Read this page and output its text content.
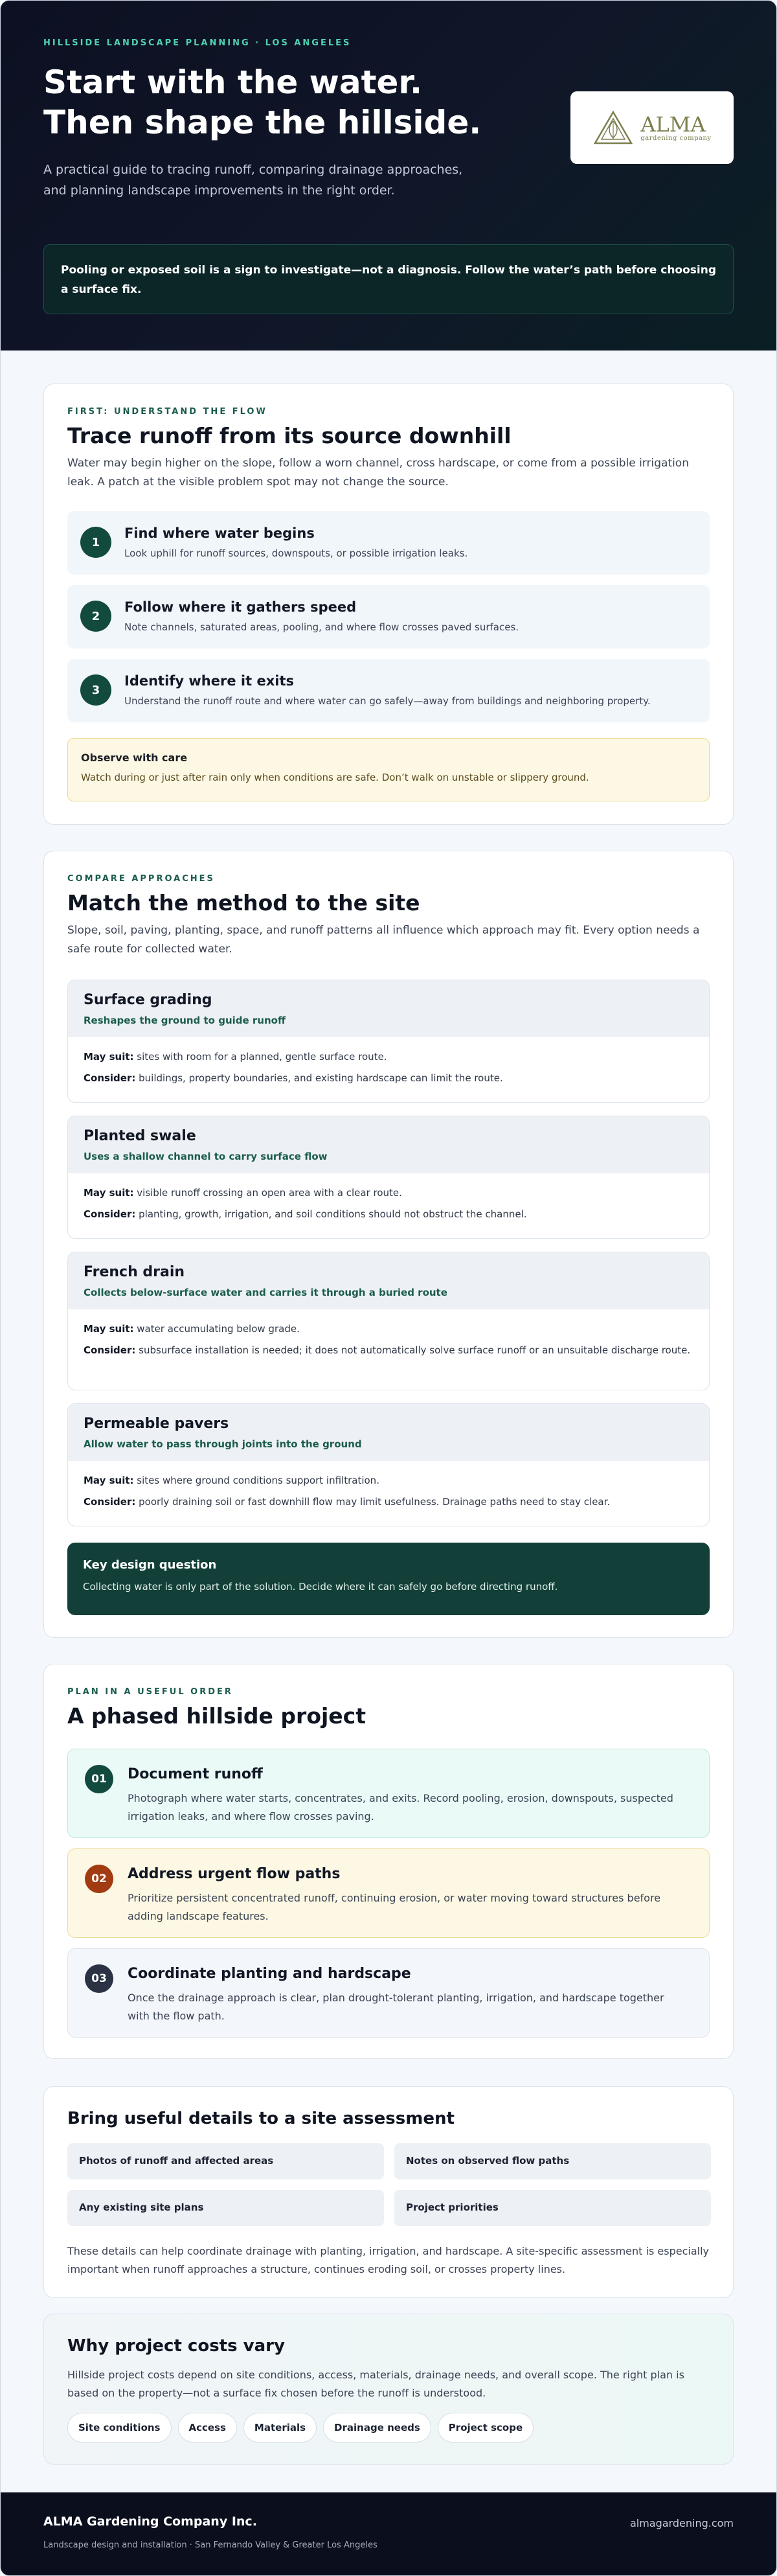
HILLSIDE LANDSCAPE PLANNING · LOS ANGELES
Start with the water.
Then shape the hillside.

A practical guide to tracing runoff, comparing drainage approaches, and planning landscape improvements in the right order.

ALMA
gardening company
Pooling or exposed soil is a sign to investigate—not a diagnosis. Follow the water’s path before choosing a surface fix.
FIRST: UNDERSTAND THE FLOW
Trace runoff from its source downhill

Water may begin higher on the slope, follow a worn channel, cross hardscape, or come from a possible irrigation leak. A patch at the visible problem spot may not change the source.

1
Find where water begins
Look uphill for runoff sources, downspouts, or possible irrigation leaks.
2
Follow where it gathers speed
Note channels, saturated areas, pooling, and where flow crosses paved surfaces.
3
Identify where it exits
Understand the runoff route and where water can go safely—away from buildings and neighboring property.
Observe with care
Watch during or just after rain only when conditions are safe. Don’t walk on unstable or slippery ground.
COMPARE APPROACHES
Match the method to the site

Slope, soil, paving, planting, space, and runoff patterns all influence which approach may fit. Every option needs a safe route for collected water.

Surface grading
Reshapes the ground to guide runoff

May suit: sites with room for a planned, gentle surface route.

Consider: buildings, property boundaries, and existing hardscape can limit the route.

Planted swale
Uses a shallow channel to carry surface flow

May suit: visible runoff crossing an open area with a clear route.

Consider: planting, growth, irrigation, and soil conditions should not obstruct the channel.

French drain
Collects below-surface water and carries it through a buried route

May suit: water accumulating below grade.

Consider: subsurface installation is needed; it does not automatically solve surface runoff or an unsuitable discharge route.

Permeable pavers
Allow water to pass through joints into the ground

May suit: sites where ground conditions support infiltration.

Consider: poorly draining soil or fast downhill flow may limit usefulness. Drainage paths need to stay clear.

Key design question
Collecting water is only part of the solution. Decide where it can safely go before directing runoff.
PLAN IN A USEFUL ORDER
A phased hillside project
01	Document runoff
Photograph where water starts, concentrates, and exits. Record pooling, erosion, downspouts, suspected irrigation leaks, and where flow crosses paving.
02	Address urgent flow paths
Prioritize persistent concentrated runoff, continuing erosion, or water moving toward structures before adding landscape features.
03	Coordinate planting and hardscape
Once the drainage approach is clear, plan drought-tolerant planting, irrigation, and hardscape together with the flow path.
Bring useful details to a site assessment
Photos of runoff and affected areas	Notes on observed flow paths
Any existing site plans	Project priorities

These details can help coordinate drainage with planting, irrigation, and hardscape. A site-specific assessment is especially important when runoff approaches a structure, continues eroding soil, or crosses property lines.

Why project costs vary

Hillside project costs depend on site conditions, access, materials, drainage needs, and overall scope. The right plan is based on the property—not a surface fix chosen before the runoff is understood.

Site conditions	Access	Materials	Drainage needs	Project scope
ALMA Gardening Company Inc.
Landscape design and installation · San Fernando Valley & Greater Los Angeles
almagardening.com
